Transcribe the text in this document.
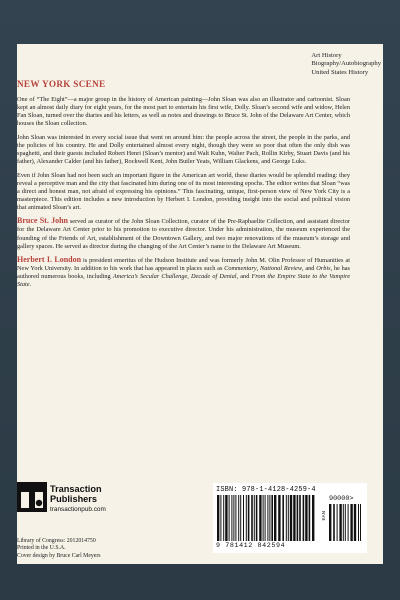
Art History
Biography/Autobiography
United States History
NEW YORK SCENE

One of “The Eight”—a major group in the history of American painting—John Sloan was also an illustrator and cartoonist. Sloan kept an almost daily diary for eight years, for the most part to entertain his first wife, Dolly. Sloan’s second wife and widow, Helen Fan Sloan, turned over the diaries and his letters, as well as notes and drawings to Bruce St. John of the Delaware Art Center, which houses the Sloan collection.

John Sloan was interested in every social issue that went on around him: the people across the street, the people in the parks, and the policies of his country. He and Dolly entertained almost every night, though they were so poor that often the only dish was spaghetti, and their guests included Robert Henri (Sloan’s mentor) and Walt Kuhn, Walter Pach, Rollin Kirby, Stuart Davis (and his father), Alexander Calder (and his father), Rockwell Kent, John Butler Yeats, William Glackens, and George Luks.

Even if John Sloan had not been such an important figure in the American art world, these diaries would be splendid reading: they reveal a perceptive man and the city that fascinated him during one of its most interesting epochs. The editor writes that Sloan “was a direct and honest man, not afraid of expressing his opinions.” This fascinating, unique, first-person view of New York City is a masterpiece. This edition includes a new introduction by Herbert I. London, providing insight into the social and political vision that animated Sloan’s art.

Bruce St. John served as curator of the John Sloan Collection, curator of the Pre-Raphaelite Collection, and assistant director for the Delaware Art Center prior to his promotion to executive director. Under his administration, the museum experienced the founding of the Friends of Art, establishment of the Downtown Gallery, and two major renovations of the museum’s storage and gallery spaces. He served as director during the changing of the Art Center’s name to the Delaware Art Museum.

Herbert I. London is president emeritus of the Hudson Institute and was formerly John M. Olin Professor of Humanities at New York University. In addition to his work that has appeared in places such as Commentary, National Review, and Orbis, he has authored numerous books, including America’s Secular Challenge, Decade of Denial, and From the Empire State to the Vampire State.

Transaction
Publishers
transactionpub.com
Library of Congress: 2012014750
Printed in the U.S.A.
Cover design by Bruce Carl Meyers
ISBN: 978-1-4128-4259-4
EAN
90000>
9 781412 842594
